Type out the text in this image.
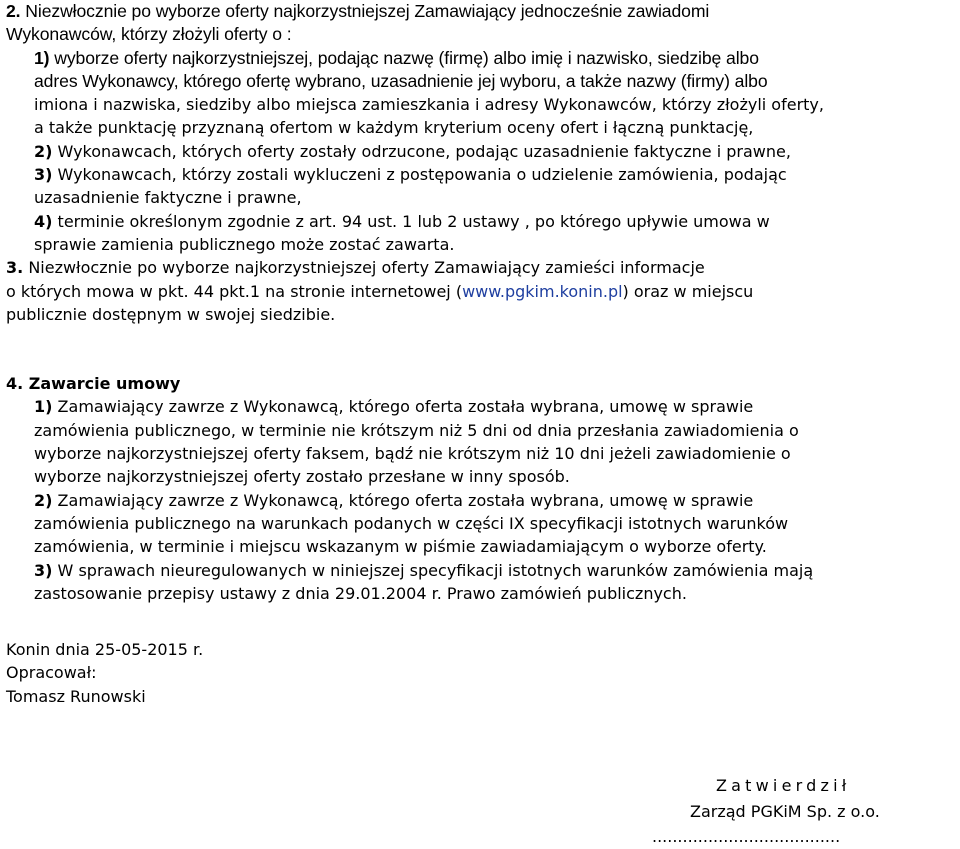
2. Niezwłocznie po wyborze oferty najkorzystniejszej Zamawiający jednocześnie zawiadomi
Wykonawców, którzy złożyli oferty o :
1) wyborze oferty najkorzystniejszej, podając nazwę (firmę) albo imię i nazwisko, siedzibę albo
adres Wykonawcy, którego ofertę wybrano, uzasadnienie jej wyboru, a także nazwy (firmy) albo
imiona i nazwiska, siedziby albo miejsca zamieszkania i adresy Wykonawców, którzy złożyli oferty,
a także punktację przyznaną ofertom w każdym kryterium oceny ofert i łączną punktację,
2) Wykonawcach, których oferty zostały odrzucone, podając uzasadnienie faktyczne i prawne,
3) Wykonawcach, którzy zostali wykluczeni z postępowania o udzielenie zamówienia, podając
uzasadnienie faktyczne i prawne,
4) terminie określonym zgodnie z art. 94 ust. 1 lub 2 ustawy , po którego upływie umowa w
sprawie zamienia publicznego może zostać zawarta.
3. Niezwłocznie po wyborze najkorzystniejszej oferty Zamawiający zamieści informacje
o których mowa w pkt. 44 pkt.1 na stronie internetowej (www.pgkim.konin.pl) oraz w miejscu
publicznie dostępnym w swojej siedzibie.
4. Zawarcie umowy
1) Zamawiający zawrze z Wykonawcą, którego oferta została wybrana, umowę w sprawie
zamówienia publicznego, w terminie nie krótszym niż 5 dni od dnia przesłania zawiadomienia o
wyborze najkorzystniejszej oferty faksem, bądź nie krótszym niż 10 dni jeżeli zawiadomienie o
wyborze najkorzystniejszej oferty zostało przesłane w inny sposób.
2) Zamawiający zawrze z Wykonawcą, którego oferta została wybrana, umowę w sprawie
zamówienia publicznego na warunkach podanych w części IX specyfikacji istotnych warunków
zamówienia, w terminie i miejscu wskazanym w piśmie zawiadamiającym o wyborze oferty.
3) W sprawach nieuregulowanych w niniejszej specyfikacji istotnych warunków zamówienia mają
zastosowanie przepisy ustawy z dnia 29.01.2004 r. Prawo zamówień publicznych.
Konin dnia 25-05-2015 r.
Opracował:
Tomasz Runowski
Zatwierdził
Zarząd PGKiM Sp. z o.o.
.....................................
